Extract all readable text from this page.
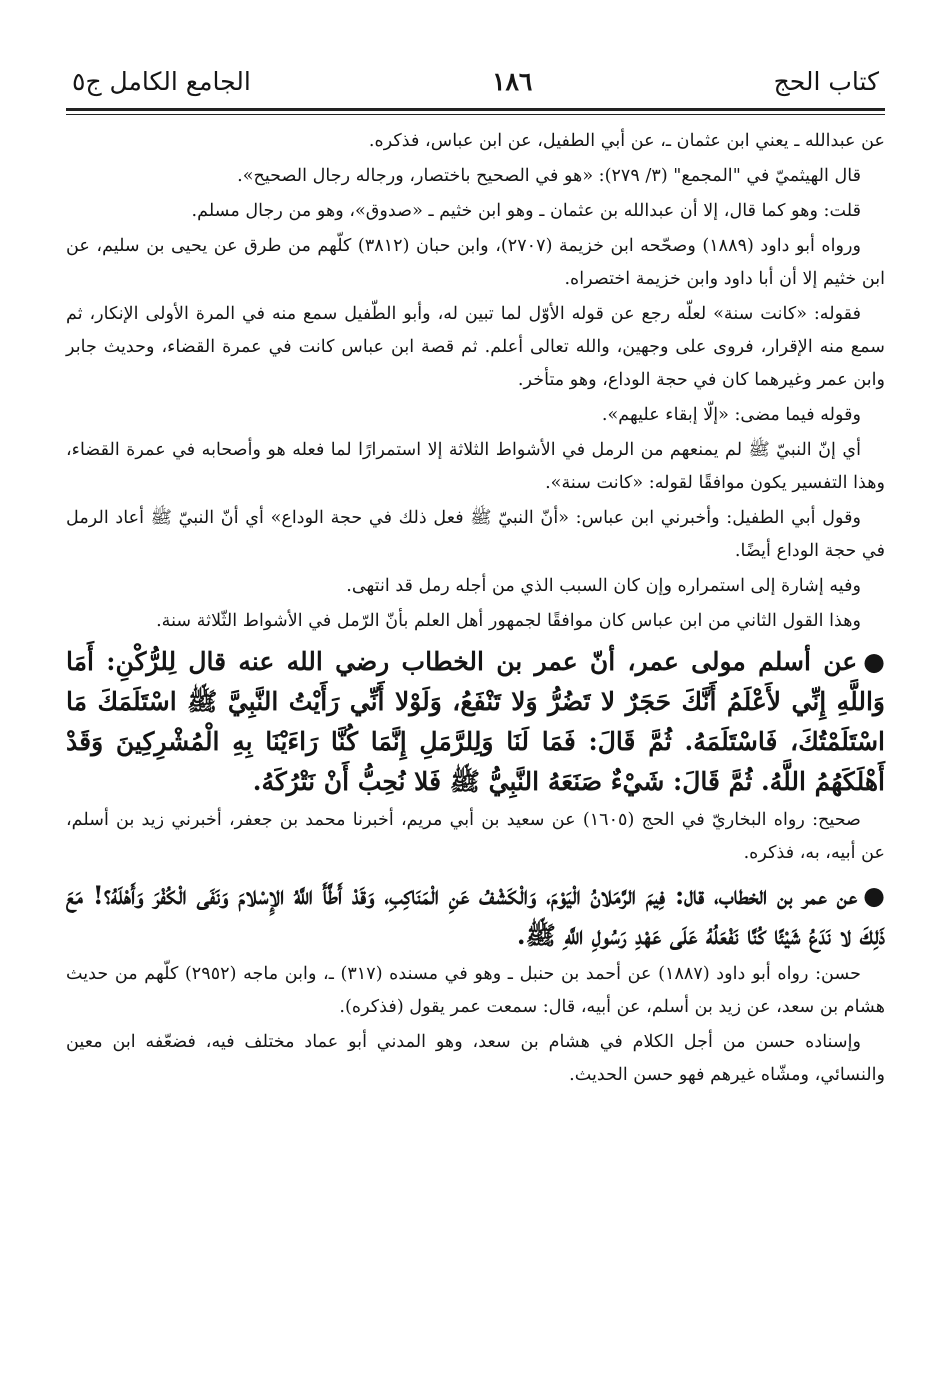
كتاب الحج
١٨٦
الجامع الكامل ج٥

عن عبدالله ـ يعني ابن عثمان ـ، عن أبي الطفيل، عن ابن عباس، فذكره.

قال الهيثميّ في "المجمع" (٣/ ٢٧٩): «هو في الصحيح باختصار، ورجاله رجال الصحيح».

قلت: وهو كما قال، إلا أن عبدالله بن عثمان ـ وهو ابن خثيم ـ «صدوق»، وهو من رجال مسلم.

ورواه أبو داود (١٨٨٩) وصحّحه ابن خزيمة (٢٧٠٧)، وابن حبان (٣٨١٢) كلّهم من طرق عن يحيى بن سليم، عن ابن خثيم إلا أن أبا داود وابن خزيمة اختصراه.

فقوله: «كانت سنة» لعلّه رجع عن قوله الأوّل لما تبين له، وأبو الطّفيل سمع منه في المرة الأولى الإنكار، ثم سمع منه الإقرار، فروى على وجهين، والله تعالى أعلم. ثم قصة ابن عباس كانت في عمرة القضاء، وحديث جابر وابن عمر وغيرهما كان في حجة الوداع، وهو متأخر.

وقوله فيما مضى: «إلّا إبقاء عليهم».

أي إنّ النبيّ ﷺ لم يمنعهم من الرمل في الأشواط الثلاثة إلا استمرارًا لما فعله هو وأصحابه في عمرة القضاء، وهذا التفسير يكون موافقًا لقوله: «كانت سنة».

وقول أبي الطفيل: وأخبرني ابن عباس: «أنّ النبيّ ﷺ فعل ذلك في حجة الوداع» أي أنّ النبيّ ﷺ أعاد الرمل في حجة الوداع أيضًا.

وفيه إشارة إلى استمراره وإن كان السبب الذي من أجله رمل قد انتهى.

وهذا القول الثاني من ابن عباس كان موافقًا لجمهور أهل العلم بأنّ الرّمل في الأشواط الثّلاثة سنة.

●عن أسلم مولى عمر، أنّ عمر بن الخطاب رضي الله عنه قال لِلرُّكْنِ: أَمَا وَاللَّهِ إِنِّي لأَعْلَمُ أَنَّكَ حَجَرٌ لا تَضُرُّ وَلا تَنْفَعُ، وَلَوْلا أَنِّي رَأَيْتُ النَّبِيَّ ﷺ اسْتَلَمَكَ مَا اسْتَلَمْتُكَ، فَاسْتَلَمَهُ. ثُمَّ قَالَ: فَمَا لَنَا وَلِلرَّمَلِ إِنَّمَا كُنَّا رَاءَيْنَا بِهِ الْمُشْرِكِينَ وَقَدْ أَهْلَكَهُمُ اللَّهُ. ثُمَّ قَالَ: شَيْءٌ صَنَعَهُ النَّبِيُّ ﷺ فَلا نُحِبُّ أَنْ نَتْرُكَهُ.

صحيح: رواه البخاريّ في الحج (١٦٠٥) عن سعيد بن أبي مريم، أخبرنا محمد بن جعفر، أخبرني زيد بن أسلم، عن أبيه، به، فذكره.

●عن عمر بن الخطاب، قال: فِيمَ الرَّمَلانُ الْيَوْمَ، وَالْكَشْفُ عَنِ الْمَنَاكِبِ، وَقَدْ أَطَّأَ اللَّهُ الإِسْلامَ وَنَفَى الْكُفْرَ وَأَهْلَهُ؟! مَعَ ذَلِكَ لا نَدَعُ شَيْئًا كُنَّا نَفْعَلُهُ عَلَى عَهْدِ رَسُولِ اللَّهِ ﷺ.

حسن: رواه أبو داود (١٨٨٧) عن أحمد بن حنبل ـ وهو في مسنده (٣١٧) ـ، وابن ماجه (٢٩٥٢) كلّهم من حديث هشام بن سعد، عن زيد بن أسلم، عن أبيه، قال: سمعت عمر يقول (فذكره).

وإسناده حسن من أجل الكلام في هشام بن سعد، وهو المدني أبو عماد مختلف فيه، فضعّفه ابن معين والنسائي، ومشّاه غيرهم فهو حسن الحديث.
